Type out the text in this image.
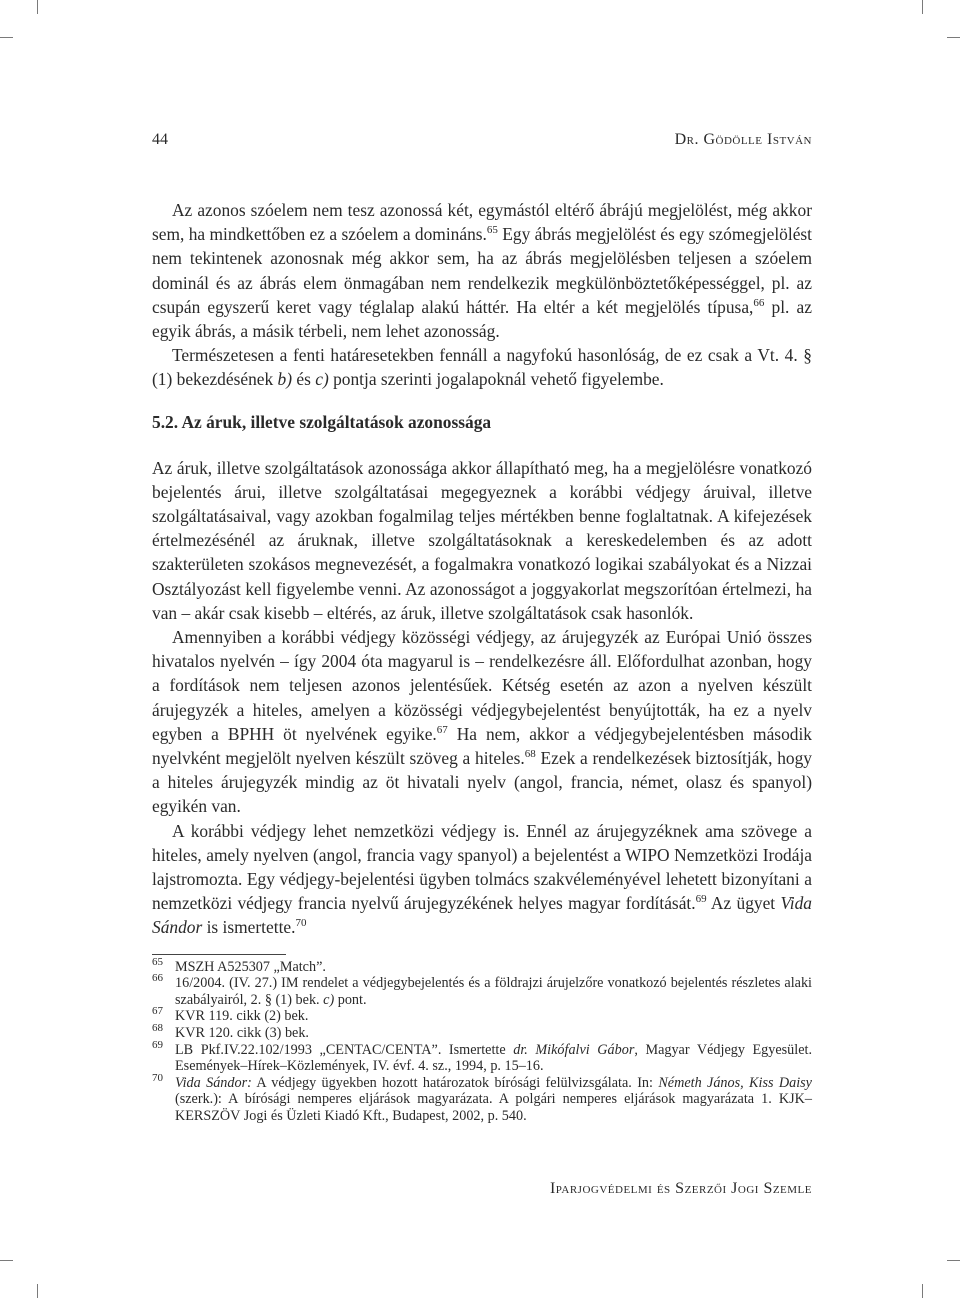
44	Dr. Gödölle István

Az azonos szóelem nem tesz azonossá két, egymástól eltérő ábrájú megjelölést, még akkor sem, ha mindkettőben ez a szóelem a domináns.$^{65}$ Egy ábrás megjelölést és egy szómegjelölést nem tekintenek azonosnak még akkor sem, ha az ábrás megjelölésben teljesen a szóelem dominál és az ábrás elem önmagában nem rendelkezik megkülönböztetőképességgel, pl. az csupán egyszerű keret vagy téglalap alakú háttér. Ha eltér a két megjelölés típusa,$^{66}$ pl. az egyik ábrás, a másik térbeli, nem lehet azonosság.

Természetesen a fenti határesetekben fennáll a nagyfokú hasonlóság, de ez csak a Vt. 4. § (1) bekezdésének b) és c) pontja szerinti jogalapoknál vehető figyelembe.

5.2. Az áruk, illetve szolgáltatások azonossága

Az áruk, illetve szolgáltatások azonossága akkor állapítható meg, ha a megjelölésre vonatkozó bejelentés árui, illetve szolgáltatásai megegyeznek a korábbi védjegy áruival, illetve szolgáltatásaival, vagy azokban fogalmilag teljes mértékben benne foglaltatnak. A kifejezések értelmezésénél az áruknak, illetve szolgáltatásoknak a kereskedelemben és az adott szakterületen szokásos megnevezését, a fogalmakra vonatkozó logikai szabályokat és a Nizzai Osztályozást kell figyelembe venni. Az azonosságot a joggyakorlat megszorítóan értelmezi, ha van – akár csak kisebb – eltérés, az áruk, illetve szolgáltatások csak hasonlók.

Amennyiben a korábbi védjegy közösségi védjegy, az árujegyzék az Európai Unió összes hivatalos nyelvén – így 2004 óta magyarul is – rendelkezésre áll. Előfordulhat azonban, hogy a fordítások nem teljesen azonos jelentésűek. Kétség esetén az azon a nyelven készült árujegyzék a hiteles, amelyen a közösségi védjegybejelentést benyújtották, ha ez a nyelv egyben a BPHH öt nyelvének egyike.$^{67}$ Ha nem, akkor a védjegybejelentésben második nyelvként megjelölt nyelven készült szöveg a hiteles.$^{68}$ Ezek a rendelkezések biztosítják, hogy a hiteles árujegyzék mindig az öt hivatali nyelv (angol, francia, német, olasz és spanyol) egyikén van.

A korábbi védjegy lehet nemzetközi védjegy is. Ennél az árujegyzéknek ama szövege a hiteles, amely nyelven (angol, francia vagy spanyol) a bejelentést a WIPO Nemzetközi Irodája lajstromozta. Egy védjegy-bejelentési ügyben tolmács szakvéleményével lehetett bizonyítani a nemzetközi védjegy francia nyelvű árujegyzékének helyes magyar fordítását.$^{69}$ Az ügyet Vida Sándor is ismertette.$^{70}$

65 MSZH A525307 „Match”.

66 16/2004. (IV. 27.) IM rendelet a védjegybejelentés és a földrajzi árujelzőre vonatkozó bejelentés részletes alaki szabályairól, 2. § (1) bek. c) pont.

67 KVR 119. cikk (2) bek.

68 KVR 120. cikk (3) bek.

69 LB Pkf.IV.22.102/1993 „CENTAC/CENTA”. Ismertette dr. Mikófalvi Gábor, Magyar Védjegy Egyesület. Események–Hírek–Közlemények, IV. évf. 4. sz., 1994, p. 15–16.

70 Vida Sándor: A védjegy ügyekben hozott határozatok bírósági felülvizsgálata. In: Németh János, Kiss Daisy (szerk.): A bírósági nemperes eljárások magyarázata. A polgári nemperes eljárások magyarázata 1. KJK–KERSZÖV Jogi és Üzleti Kiadó Kft., Budapest, 2002, p. 540.

Iparjogvédelmi és Szerzői Jogi Szemle
